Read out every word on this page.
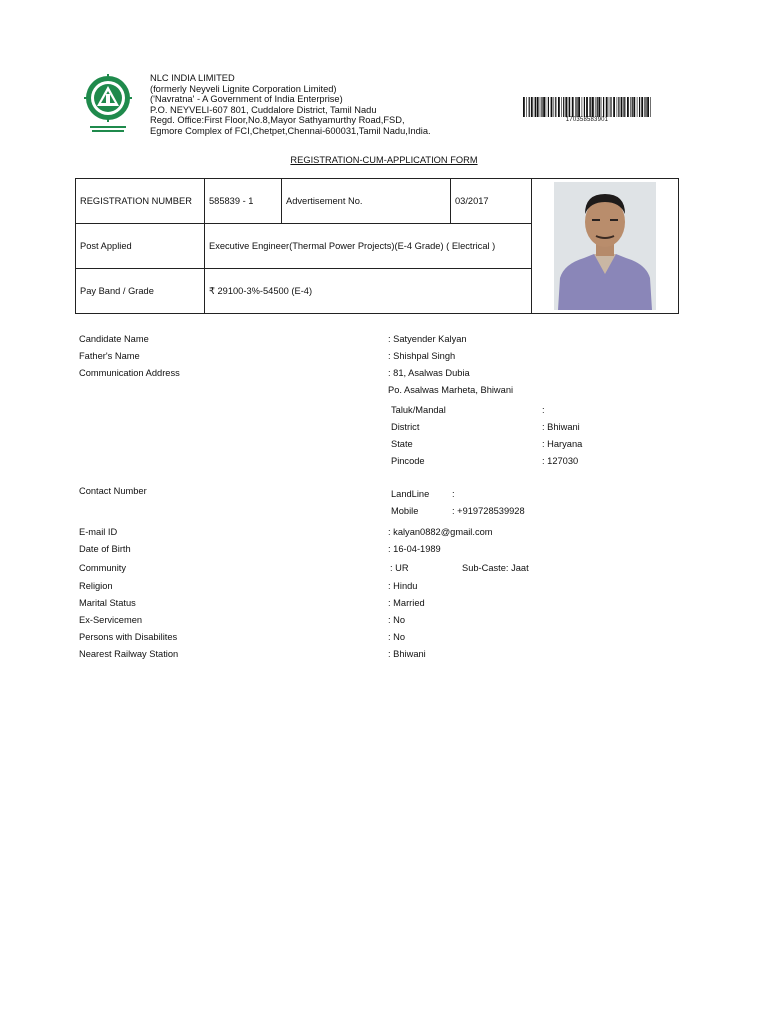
NLC INDIA LIMITED
(formerly Neyveli Lignite Corporation Limited)
('Navratna' - A Government of India Enterprise)
P.O. NEYVELI-607 801, Cuddalore District, Tamil Nadu
Regd. Office:First Floor,No.8,Mayor Sathyamurthy Road,FSD,
Egmore Complex of FCI,Chetpet,Chennai-600031,Tamil Nadu,India.
170358583901
REGISTRATION-CUM-APPLICATION FORM
REGISTRATION NUMBER	585839 - 1	Advertisement No.	03/2017	

Post Applied	Executive Engineer(Thermal Power Projects)(E-4 Grade) ( Electrical )			
Pay Band / Grade	₹ 29100-3%-54500 (E-4)			
Candidate Name	: Satyender Kalyan
Father's Name	: Shishpal Singh
Communication Address	: 81, Asalwas Dubia
Po. Asalwas Marheta, Bhiwani
Taluk/Mandal	:
District	: Bhiwani
State	: Haryana
Pincode	: 127030
Contact Number	LandLine :
Mobile	: +919728539928
E-mail ID	: kalyan0882@gmail.com
Date of Birth	: 16-04-1989
Community	: UR	Sub-Caste: Jaat
Religion	: Hindu
Marital Status	: Married
Ex-Servicemen	: No
Persons with Disabilites	: No
Nearest Railway Station	: Bhiwani
